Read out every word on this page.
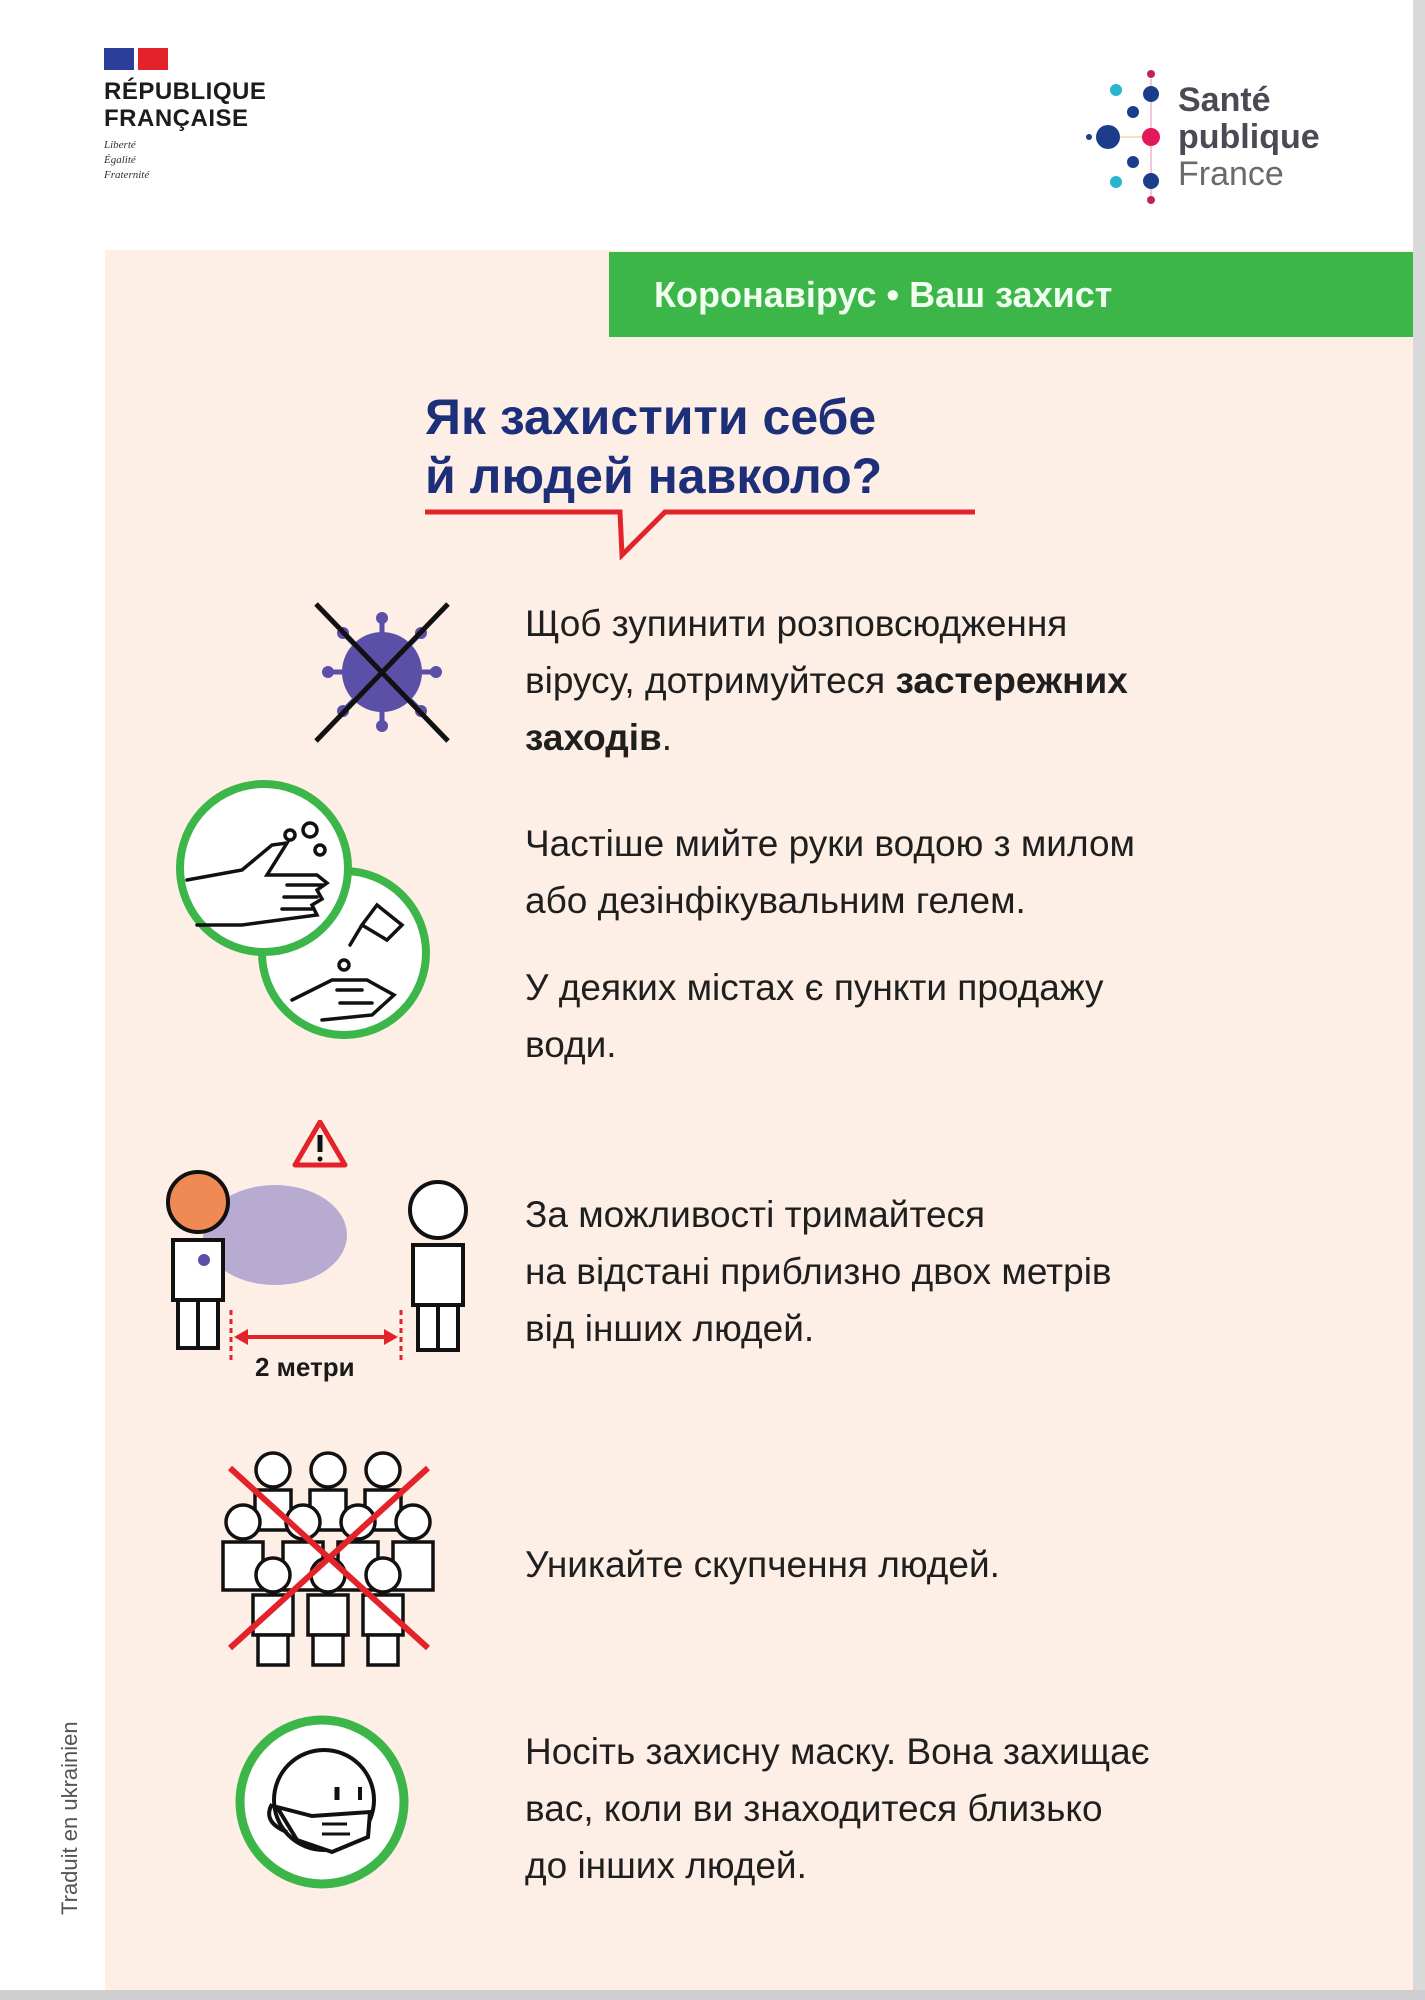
RÉPUBLIQUE
FRANÇAISE
Liberté
Égalité
Fraternité
Santé
publique
France
Коронавірус • Ваш захист
Як захистити себе
й людей навколо?
Щоб зупинити розповсюдження
вірусу, дотримуйтеся застережних
заходів.
Частіше мийте руки водою з милом
або дезінфікувальним гелем.
У деяких містах є пункти продажу
води.
2 метри
За можливості тримайтеся
на відстані приблизно двох метрів
від інших людей.
Уникайте скупчення людей.
Носіть захисну маску. Вона захищає
вас, коли ви знаходитеся близько
до інших людей.
Traduit en ukrainien
